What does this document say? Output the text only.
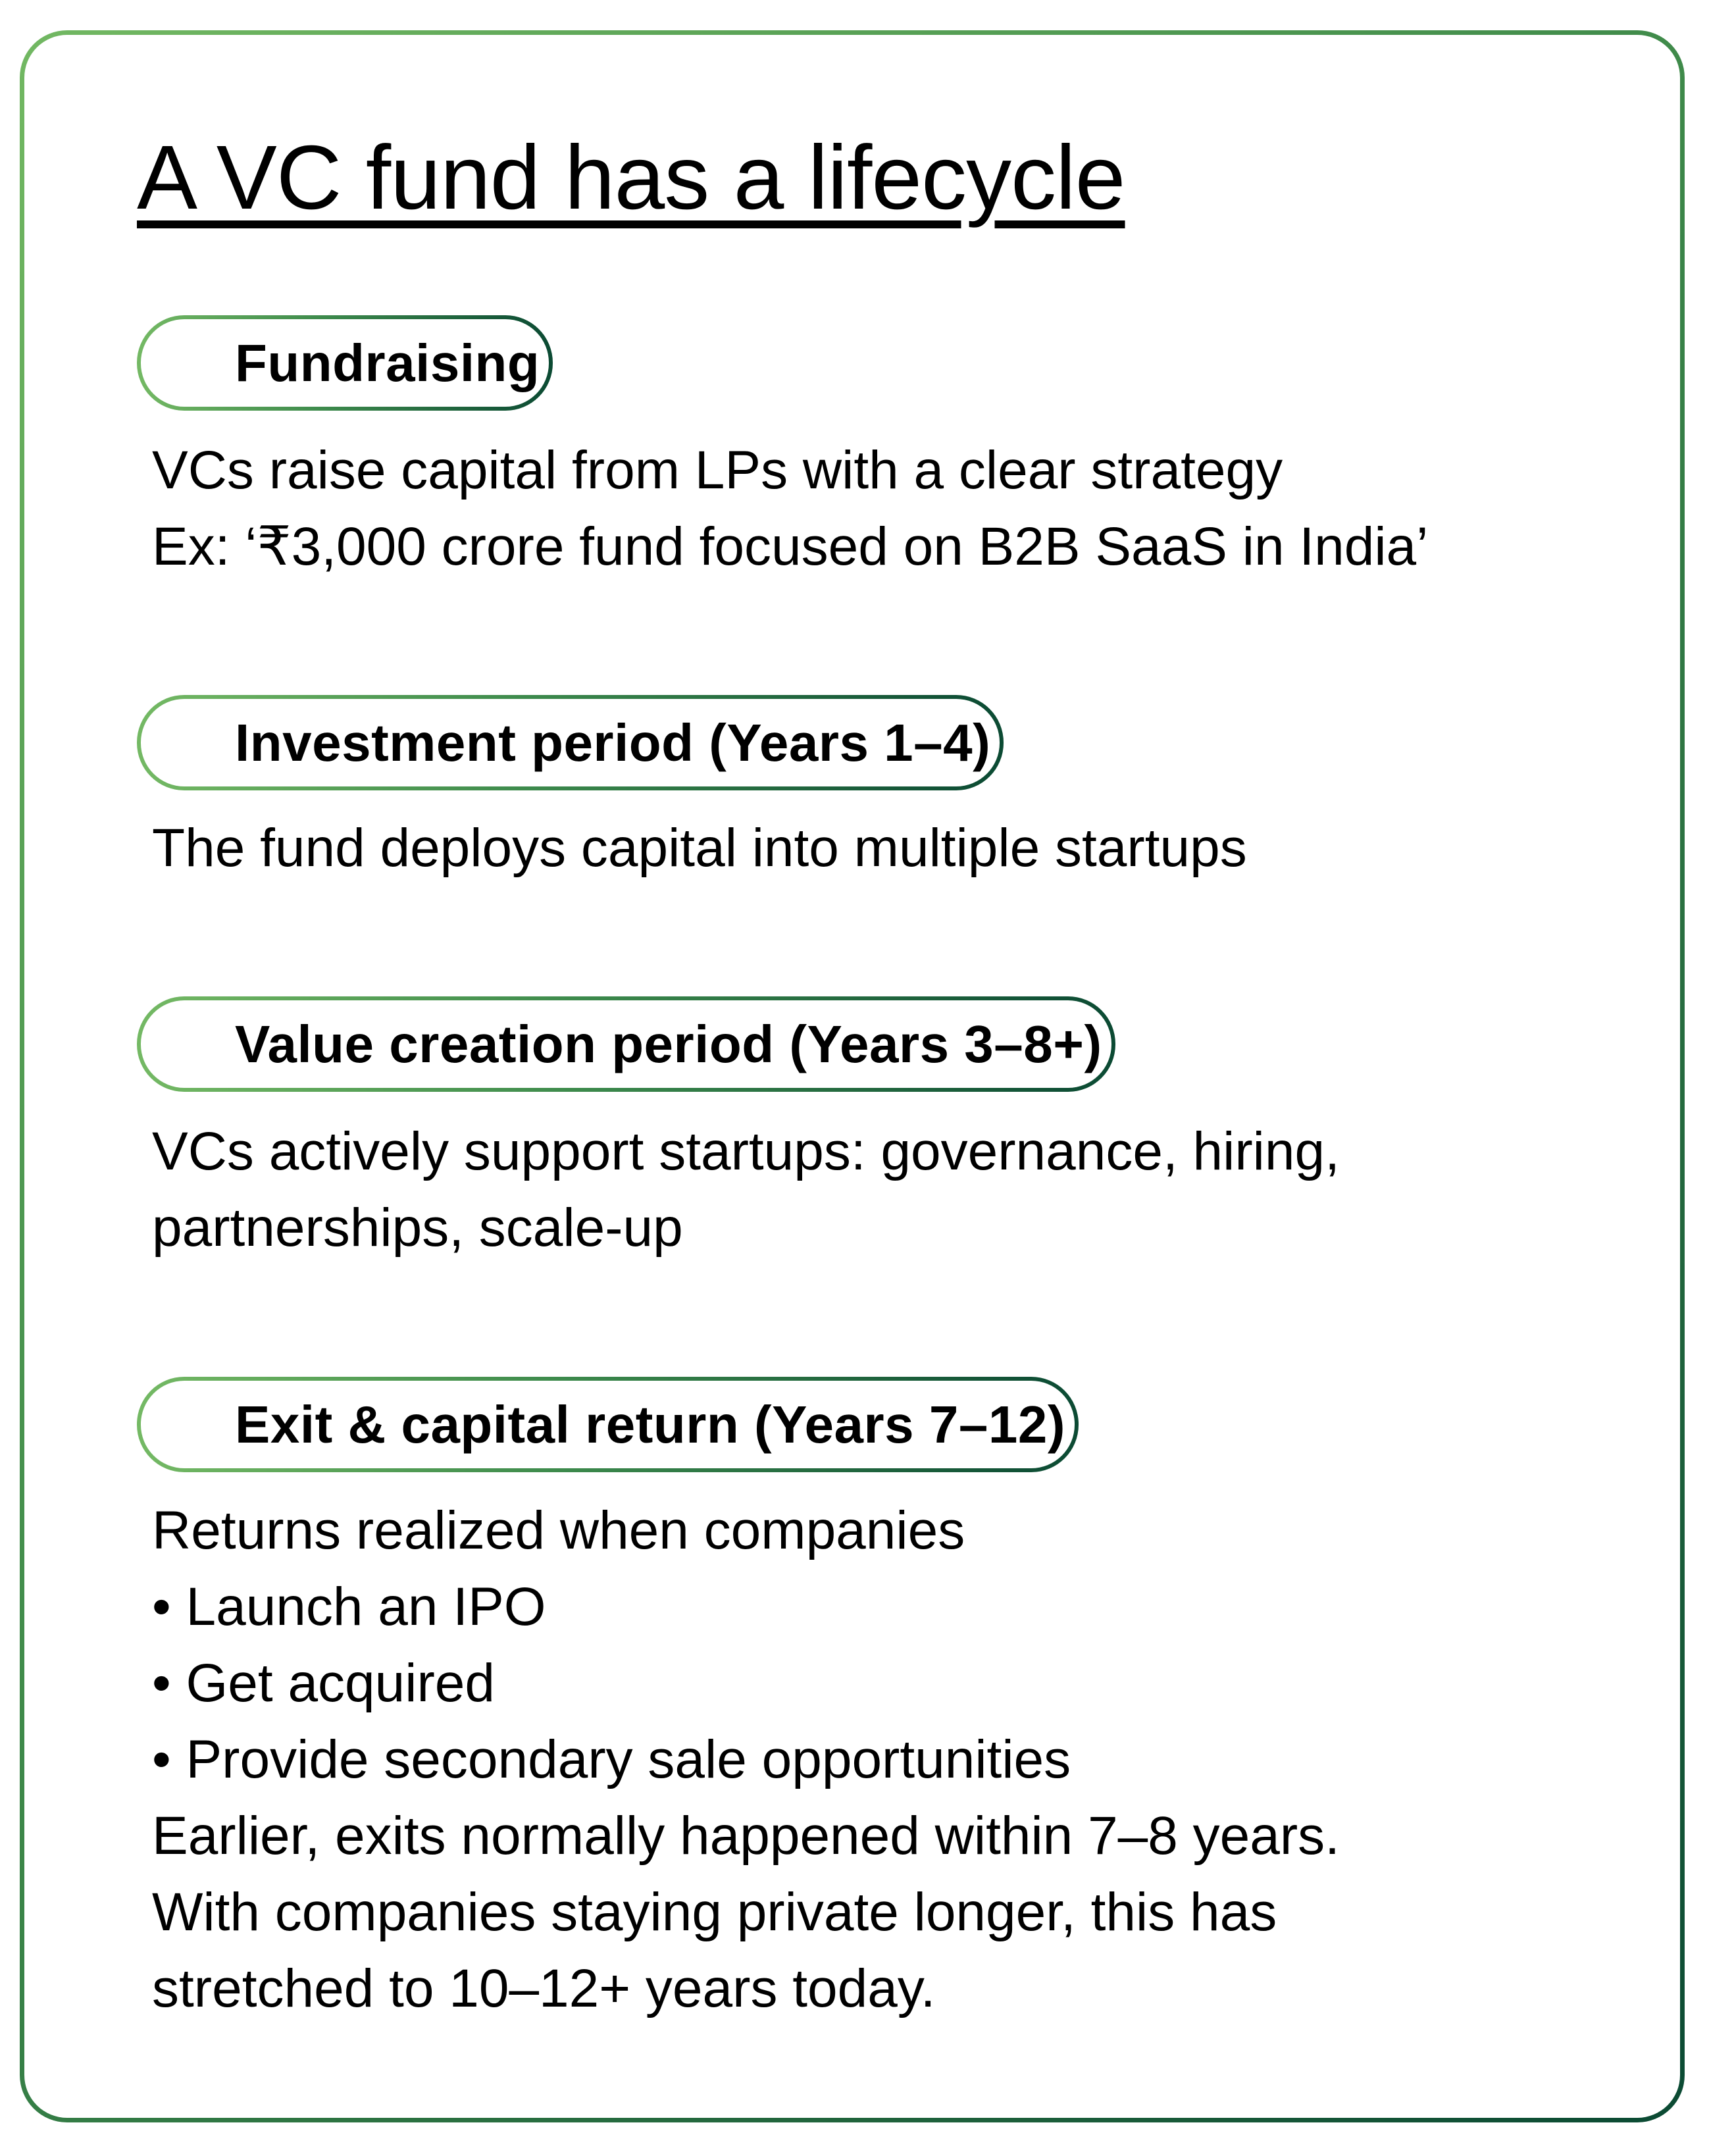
A VC fund has a lifecycle
Fundraising
VCs raise capital from LPs with a clear strategy
Ex: ‘₹3,000 crore fund focused on B2B SaaS in India’
Investment period (Years 1–4)
The fund deploys capital into multiple startups
Value creation period (Years 3–8+)
VCs actively support startups: governance, hiring,
partnerships, scale-up
Exit & capital return (Years 7–12)
Returns realized when companies
• Launch an IPO
• Get acquired
• Provide secondary sale opportunities
Earlier, exits normally happened within 7–8 years.
With companies staying private longer, this has
stretched to 10–12+ years today.
